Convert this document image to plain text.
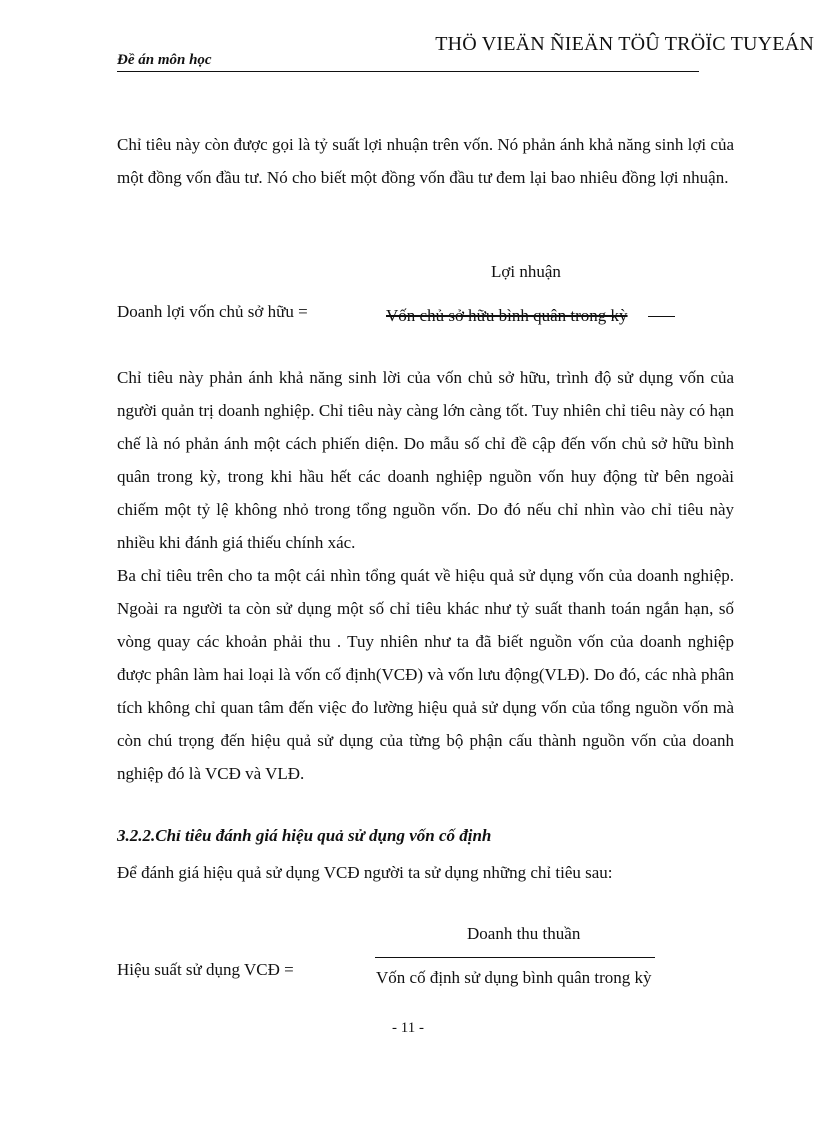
Đề án môn học
THÖ VIEÄN ÑIEÄN TÖÛ TRÖÏC TUYEÁN
Chỉ tiêu này còn được gọi là tỷ suất lợi nhuận trên vốn. Nó phản ánh khả năng sinh lợi của một đồng vốn đầu tư. Nó cho biết một đồng vốn đầu tư đem lại bao nhiêu đồng lợi nhuận.
Lợi nhuận
Doanh lợi vốn chủ sở hữu =	Vốn chủ sở hữu bình quân trong kỳ
Chỉ tiêu này phản ánh khả năng sinh lời của vốn chủ sở hữu, trình độ sử dụng vốn của người quản trị doanh nghiệp. Chỉ tiêu này càng lớn càng tốt. Tuy nhiên chỉ tiêu này có hạn chế là nó phản ánh một cách phiến diện. Do mẫu số chỉ đề cập đến vốn chủ sở hữu bình quân trong kỳ, trong khi hầu hết các doanh nghiệp nguồn vốn huy động từ bên ngoài chiếm một tỷ lệ không nhỏ trong tổng nguồn vốn. Do đó nếu chỉ nhìn vào chỉ tiêu này nhiều khi đánh giá thiếu chính xác.
Ba chỉ tiêu trên cho ta một cái nhìn tổng quát về hiệu quả sử dụng vốn của doanh nghiệp. Ngoài ra người ta còn sử dụng một số chỉ tiêu khác như tỷ suất thanh toán ngắn hạn, số vòng quay các khoản phải thu . Tuy nhiên như ta đã biết nguồn vốn của doanh nghiệp được phân làm hai loại là vốn cố định(VCĐ) và vốn lưu động(VLĐ). Do đó, các nhà phân tích không chỉ quan tâm đến việc đo lường hiệu quả sử dụng vốn của tổng nguồn vốn mà còn chú trọng đến hiệu quả sử dụng của từng bộ phận cấu thành nguồn vốn của doanh nghiệp đó là VCĐ và VLĐ.
3.2.2.Chỉ tiêu đánh giá hiệu quả sử dụng vốn cố định
Để đánh giá hiệu quả sử dụng VCĐ người ta sử dụng những chỉ tiêu sau:
Doanh thu thuần
Hiệu suất sử dụng VCĐ =	Vốn cố định sử dụng bình quân trong kỳ
- 11 -
